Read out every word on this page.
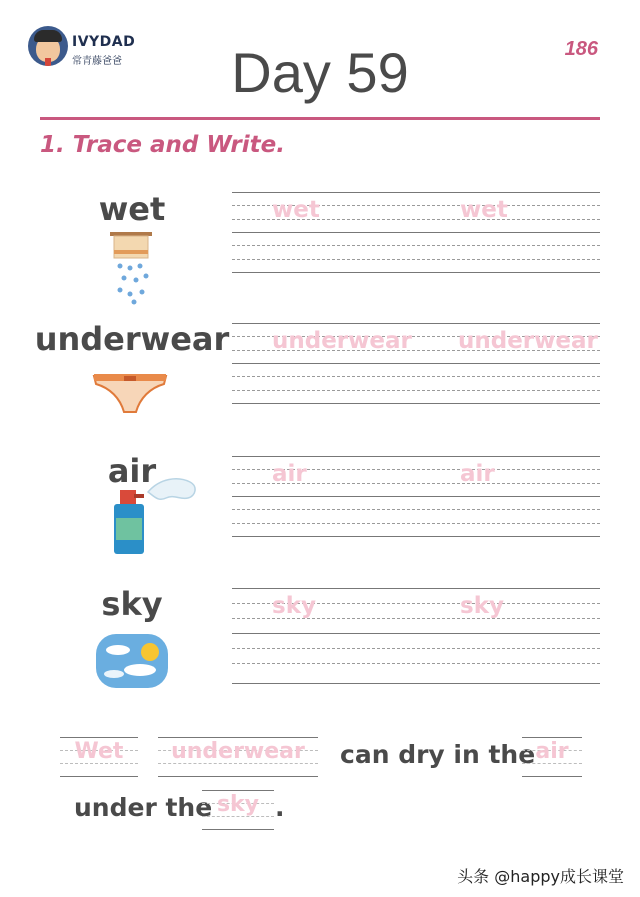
IVYDAD
常青藤爸爸	Day 59	186
1. Trace and Write.
wet	wet	wet
underwear underwear underwear
air	air	air
sky	sky	sky
Wet	underwear	can dry in the air
under the sky .
头条 @happy成长课堂
